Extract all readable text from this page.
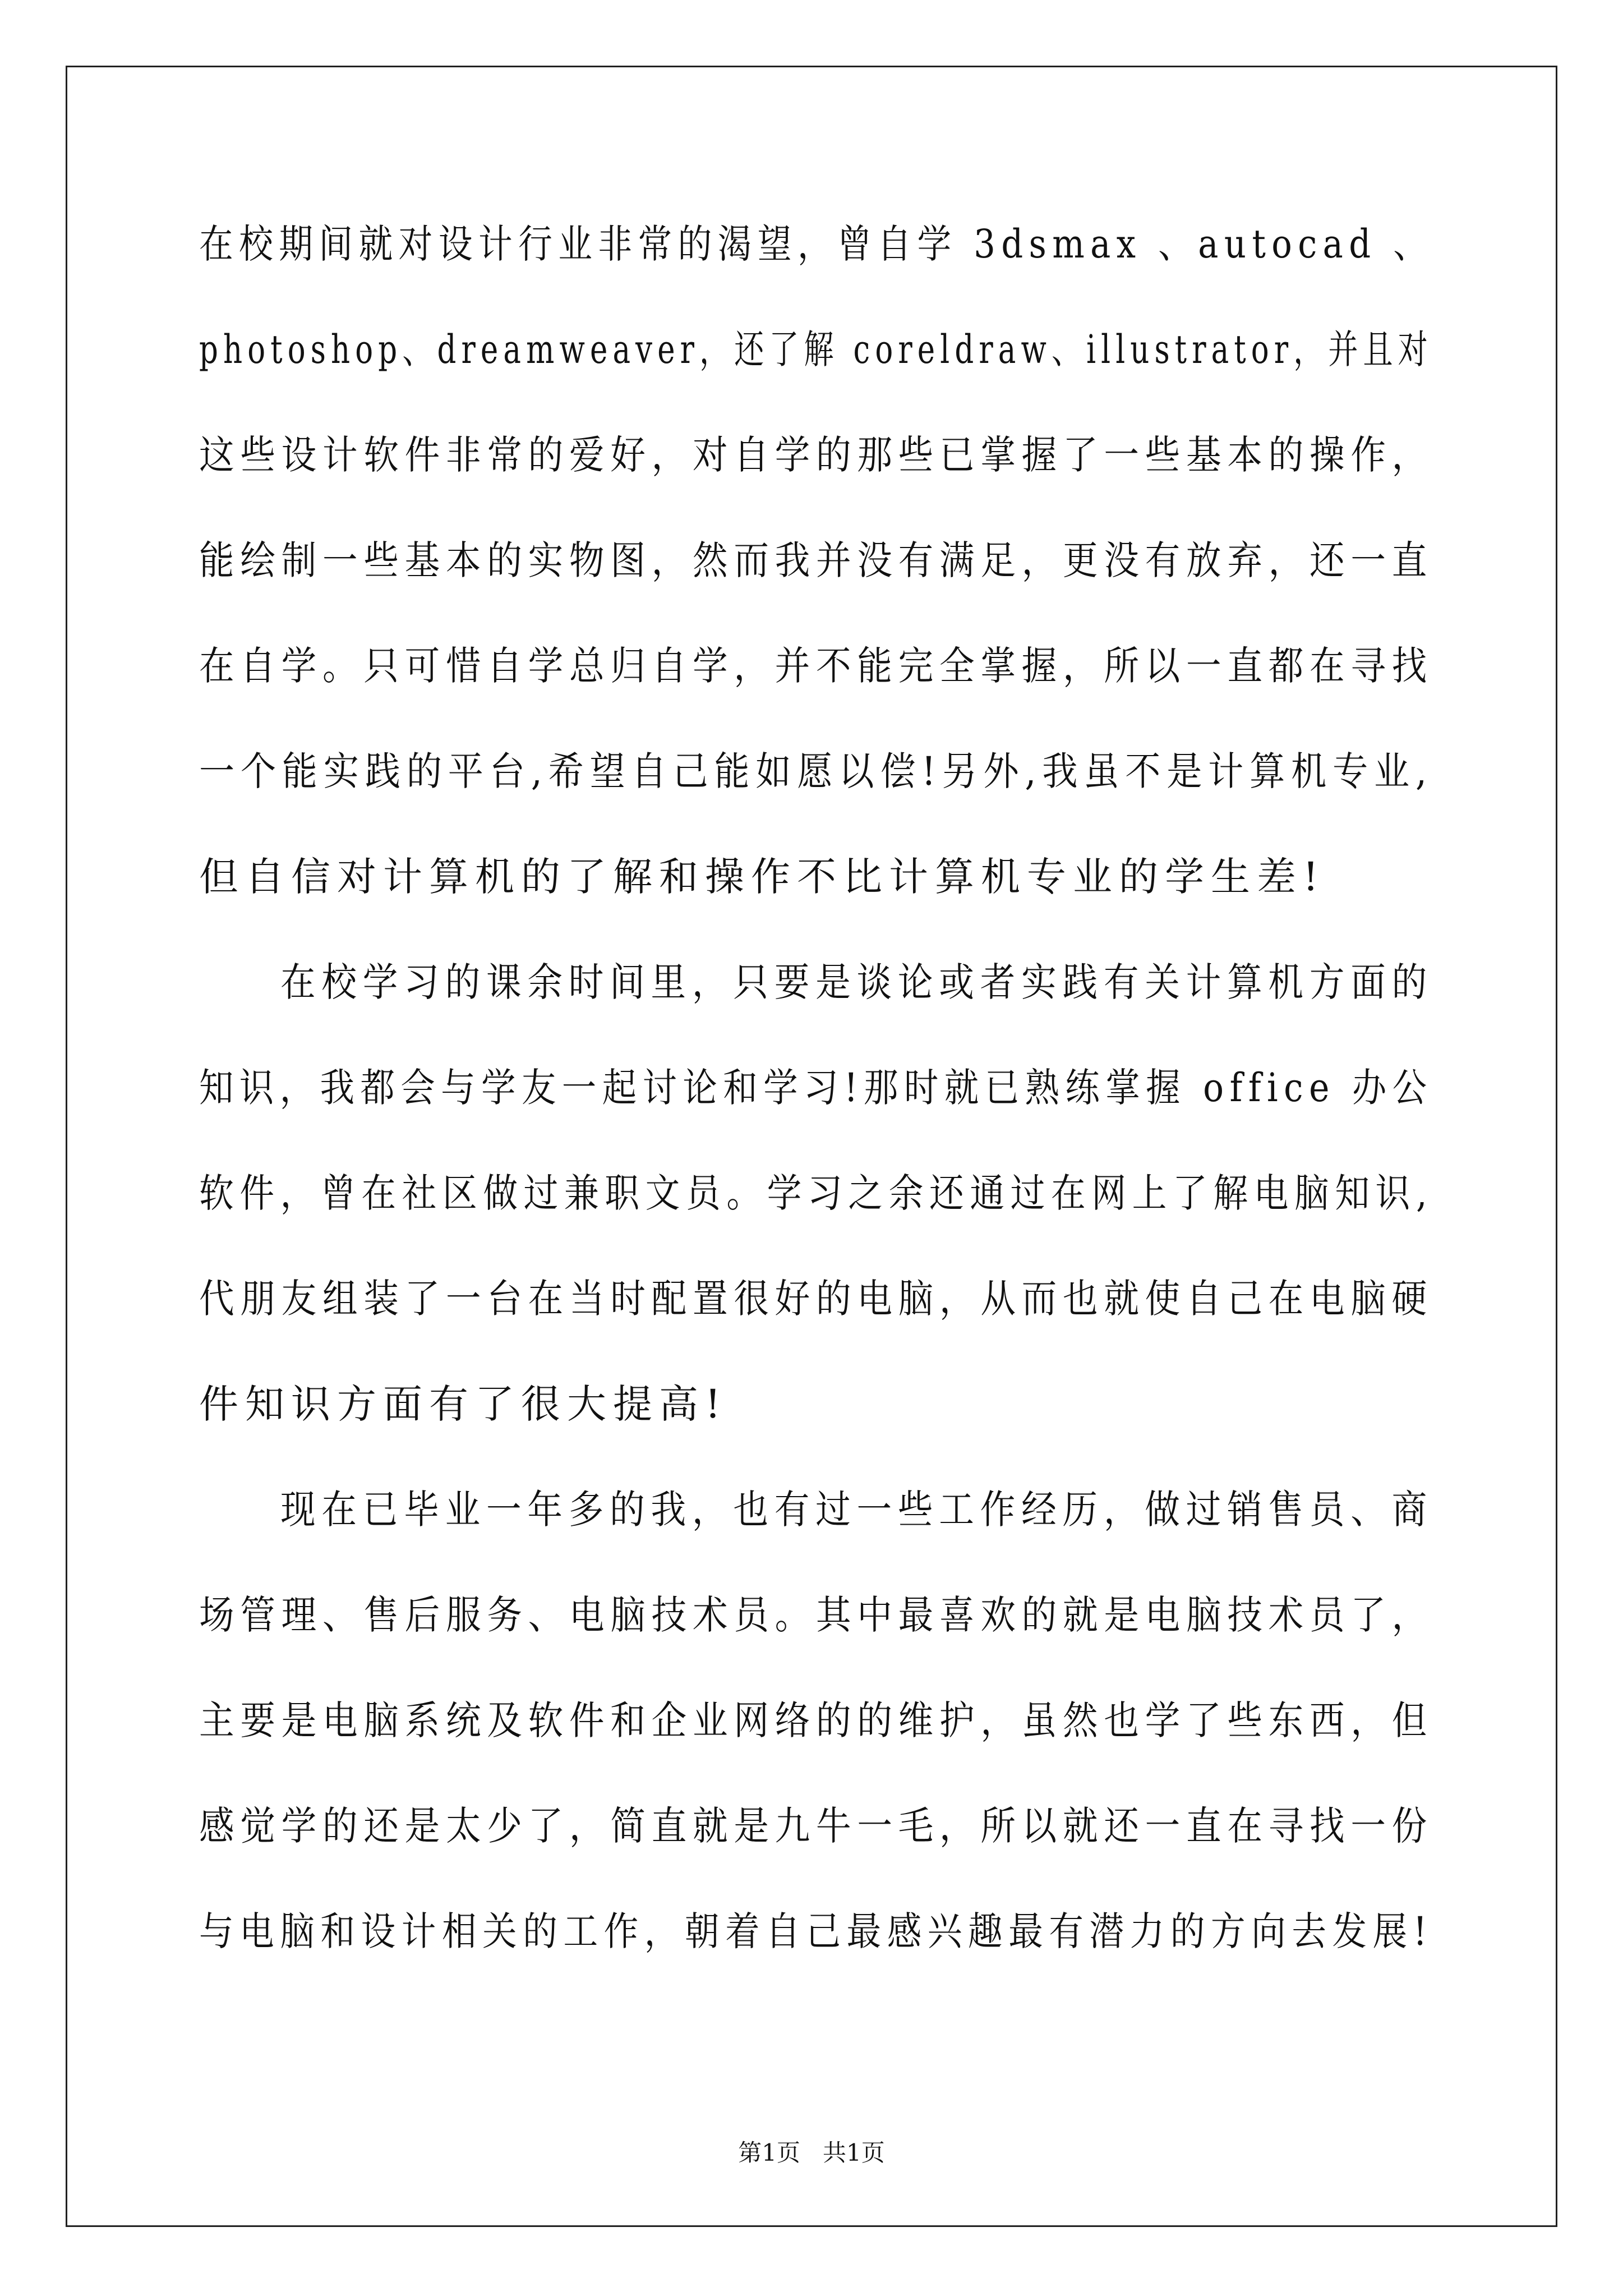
在校期间就对设计行业非常的渴望，曾自学 3dsmax 、autocad 、
photoshop、dreamweaver，还了解 coreldraw、illustrator，并且对
这些设计软件非常的爱好，对自学的那些已掌握了一些基本的操作，
能绘制一些基本的实物图，然而我并没有满足，更没有放弃，还一直
在自学。只可惜自学总归自学，并不能完全掌握，所以一直都在寻找
一个能实践的平台,希望自己能如愿以偿!另外,我虽不是计算机专业,
但自信对计算机的了解和操作不比计算机专业的学生差!
在校学习的课余时间里，只要是谈论或者实践有关计算机方面的
知识，我都会与学友一起讨论和学习!那时就已熟练掌握 office 办公
软件，曾在社区做过兼职文员。学习之余还通过在网上了解电脑知识,
代朋友组装了一台在当时配置很好的电脑，从而也就使自己在电脑硬
件知识方面有了很大提高!
现在已毕业一年多的我，也有过一些工作经历，做过销售员、商
场管理、售后服务、电脑技术员。其中最喜欢的就是电脑技术员了，
主要是电脑系统及软件和企业网络的的维护，虽然也学了些东西，但
感觉学的还是太少了，简直就是九牛一毛，所以就还一直在寻找一份
与电脑和设计相关的工作，朝着自己最感兴趣最有潜力的方向去发展!
第1页   共1页
